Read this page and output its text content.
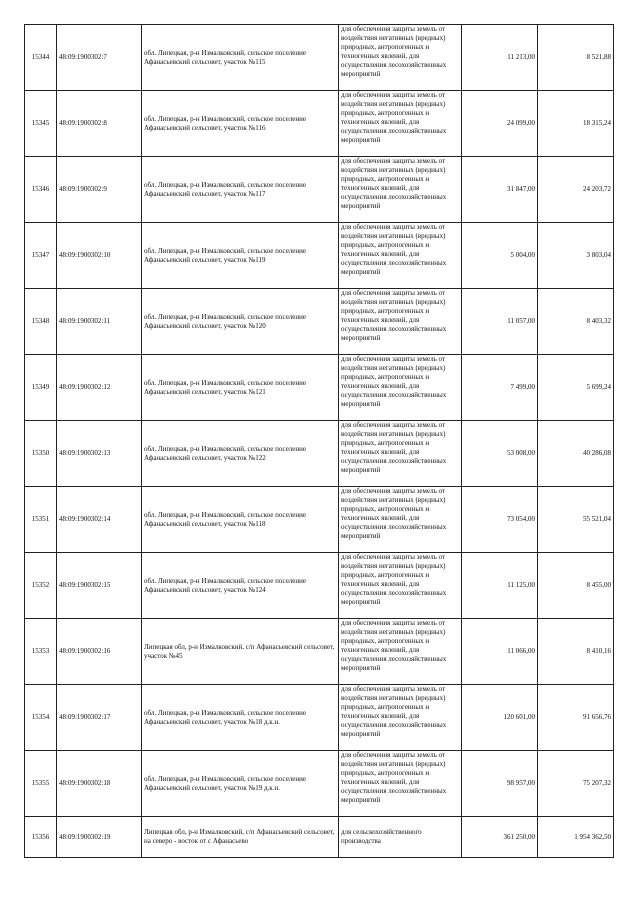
15344	48:09:1900302:7	обл. Липецкая, р-н Измалковский, сельское поселение Афанасьевский сельсовет, участок №115	для обеспечения защиты земель от воздействия негативных (вредных) природных, антропогенных и техногенных явлений, для осуществления лесохозяйственных мероприятий	11 213,00	8 521,88
15345	48:09:1900302:8	обл. Липецкая, р-н Измалковский, сельское поселение Афанасьевский сельсовет, участок №116	для обеспечения защиты земель от воздействия негативных (вредных) природных, антропогенных и техногенных явлений, для осуществления лесохозяйственных мероприятий	24 099,00	18 315,24
15346	48:09:1900302:9	обл. Липецкая, р-н Измалковский, сельское поселение Афанасьевский сельсовет, участок №117	для обеспечения защиты земель от воздействия негативных (вредных) природных, антропогенных и техногенных явлений, для осуществления лесохозяйственных мероприятий	31 847,00	24 203,72
15347	48:09:1900302:10	обл. Липецкая, р-н Измалковский, сельское поселение Афанасьевский сельсовет, участок №119	для обеспечения защиты земель от воздействия негативных (вредных) природных, антропогенных и техногенных явлений, для осуществления лесохозяйственных мероприятий	5 004,00	3 803,04
15348	48:09:1900302:11	обл. Липецкая, р-н Измалковский, сельское поселение Афанасьевский сельсовет, участок №120	для обеспечения защиты земель от воздействия негативных (вредных) природных, антропогенных и техногенных явлений, для осуществления лесохозяйственных мероприятий	11 057,00	8 403,32
15349	48:09:1900302:12	обл. Липецкая, р-н Измалковский, сельское поселение Афанасьевский сельсовет, участок №121	для обеспечения защиты земель от воздействия негативных (вредных) природных, антропогенных и техногенных явлений, для осуществления лесохозяйственных мероприятий	7 499,00	5 699,24
15350	48:09:1900302:13	обл. Липецкая, р-н Измалковский, сельское поселение Афанасьевский сельсовет, участок №122	для обеспечения защиты земель от воздействия негативных (вредных) природных, антропогенных и техногенных явлений, для осуществления лесохозяйственных мероприятий	53 008,00	40 286,08
15351	48:09:1900302:14	обл. Липецкая, р-н Измалковский, сельское поселение Афанасьевский сельсовет, участок №118	для обеспечения защиты земель от воздействия негативных (вредных) природных, антропогенных и техногенных явлений, для осуществления лесохозяйственных мероприятий	73 054,00	55 521,04
15352	48:09:1900302:15	обл. Липецкая, р-н Измалковский, сельское поселение Афанасьевский сельсовет, участок №124	для обеспечения защиты земель от воздействия негативных (вредных) природных, антропогенных и техногенных явлений, для осуществления лесохозяйственных мероприятий	11 125,00	8 455,00
15353	48:09:1900302:16	Липецкая обл, р-н Измалковский, с/п Афанасьевский сельсовет, участок №45	для обеспечения защиты земель от воздействия негативных (вредных) природных, антропогенных и техногенных явлений, для осуществления лесохозяйственных мероприятий	11 066,00	8 410,16
15354	48:09:1900302:17	обл. Липецкая, р-н Измалковский, сельское поселение Афанасьевский сельсовет, участок №18 д.к.н.	для обеспечения защиты земель от воздействия негативных (вредных) природных, антропогенных и техногенных явлений, для осуществления лесохозяйственных мероприятий	120 601,00	91 656,76
15355	48:09:1900302:18	обл. Липецкая, р-н Измалковский, сельское поселение Афанасьевский сельсовет, участок №19 д.к.н.	для обеспечения защиты земель от воздействия негативных (вредных) природных, антропогенных и техногенных явлений, для осуществления лесохозяйственных мероприятий	98 957,00	75 207,32
15356	48:09:1900302:19	Липецкая обл, р-н Измалковский, с/п Афанасьевский сельсовет, на северо - восток от с Афанасьево	для сельскохозяйственного производства	361 250,00	1 954 362,50
